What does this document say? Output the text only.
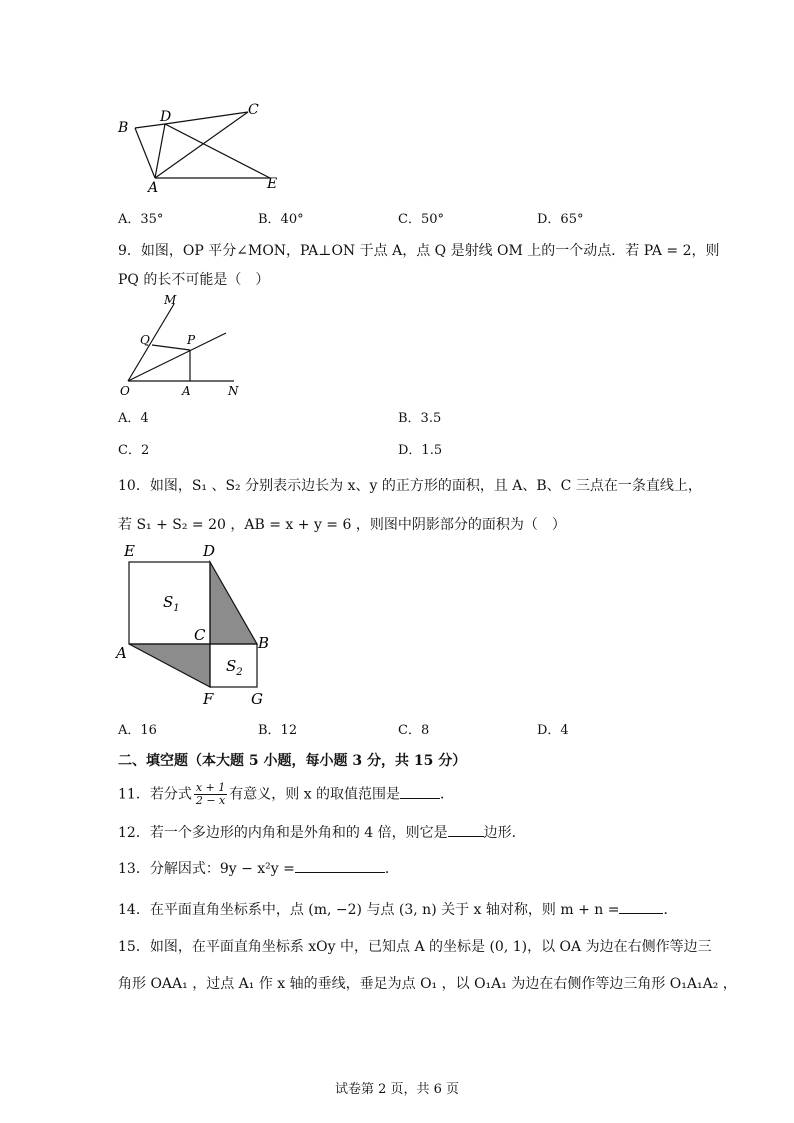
B
D	C
A	E
A．35°	B．40°	C．50°	D．65°
9．如图，OP 平分∠MON，PA⊥ON 于点 A，点 Q 是射线 OM 上的一个动点．若 PA = 2，则
PQ 的长不可能是（　）
M
Q	P
O	A	N
A．4	B．3.5
C．2	D．1.5
10．如图，S₁ 、S₂ 分别表示边长为 x、y 的正方形的面积，且 A、B、C 三点在一条直线上，
若 S₁ + S₂ = 20 ，AB = x + y = 6 ，则图中阴影部分的面积为（　）
E	D
$S_1$
C	B
A
$S_2$
F	G
A．16	B．12	C．8	D．4
二、填空题（本大题 5 小题，每小题 3 分，共 15 分）
11．若分式 $\frac{x + 1}{2 - x}$ 有意义，则 x 的取值范围是	．
12．若一个多边形的内角和是外角和的 4 倍，则它是	边形．
13．分解因式：9y − x²y =	．
14．在平面直角坐标系中，点 (m, −2) 与点 (3, n) 关于 x 轴对称，则 m + n =	．
15．如图，在平面直角坐标系 xOy 中，已知点 A 的坐标是 (0, 1)，以 OA 为边在右侧作等边三
角形 OAA₁ ，过点 A₁ 作 x 轴的垂线，垂足为点 O₁ ，以 O₁A₁ 为边在右侧作等边三角形 O₁A₁A₂ ，
试卷第 2 页，共 6 页
